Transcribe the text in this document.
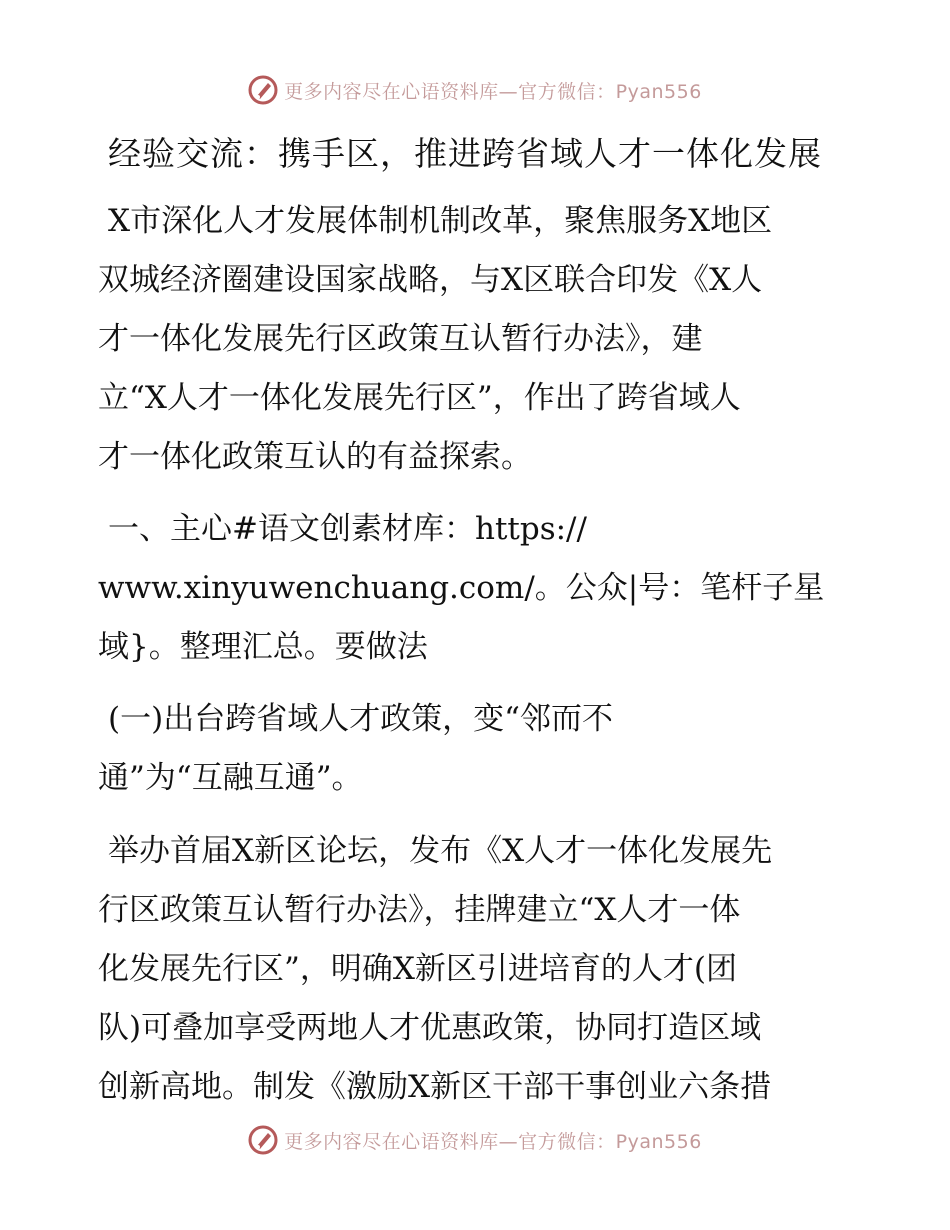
更多内容尽在心语资料库—官方微信：Pyan556
经验交流：携手区，推进跨省域人才一体化发展
X市深化人才发展体制机制改革，聚焦服务X地区
双城经济圈建设国家战略，与X区联合印发《X人
才一体化发展先行区政策互认暂行办法》，建
立“X人才一体化发展先行区”，作出了跨省域人
才一体化政策互认的有益探索。
一、主心#语文创素材库：https://
www.xinyuwenchuang.com/。公众|号：笔杆子星
域}。整理汇总。要做法
(一)出台跨省域人才政策，变“邻而不
通”为“互融互通”。
举办首届X新区论坛，发布《X人才一体化发展先
行区政策互认暂行办法》，挂牌建立“X人才一体
化发展先行区”，明确X新区引进培育的人才(团
队)可叠加享受两地人才优惠政策，协同打造区域
创新高地。制发《激励X新区干部干事创业六条措
更多内容尽在心语资料库—官方微信：Pyan556
